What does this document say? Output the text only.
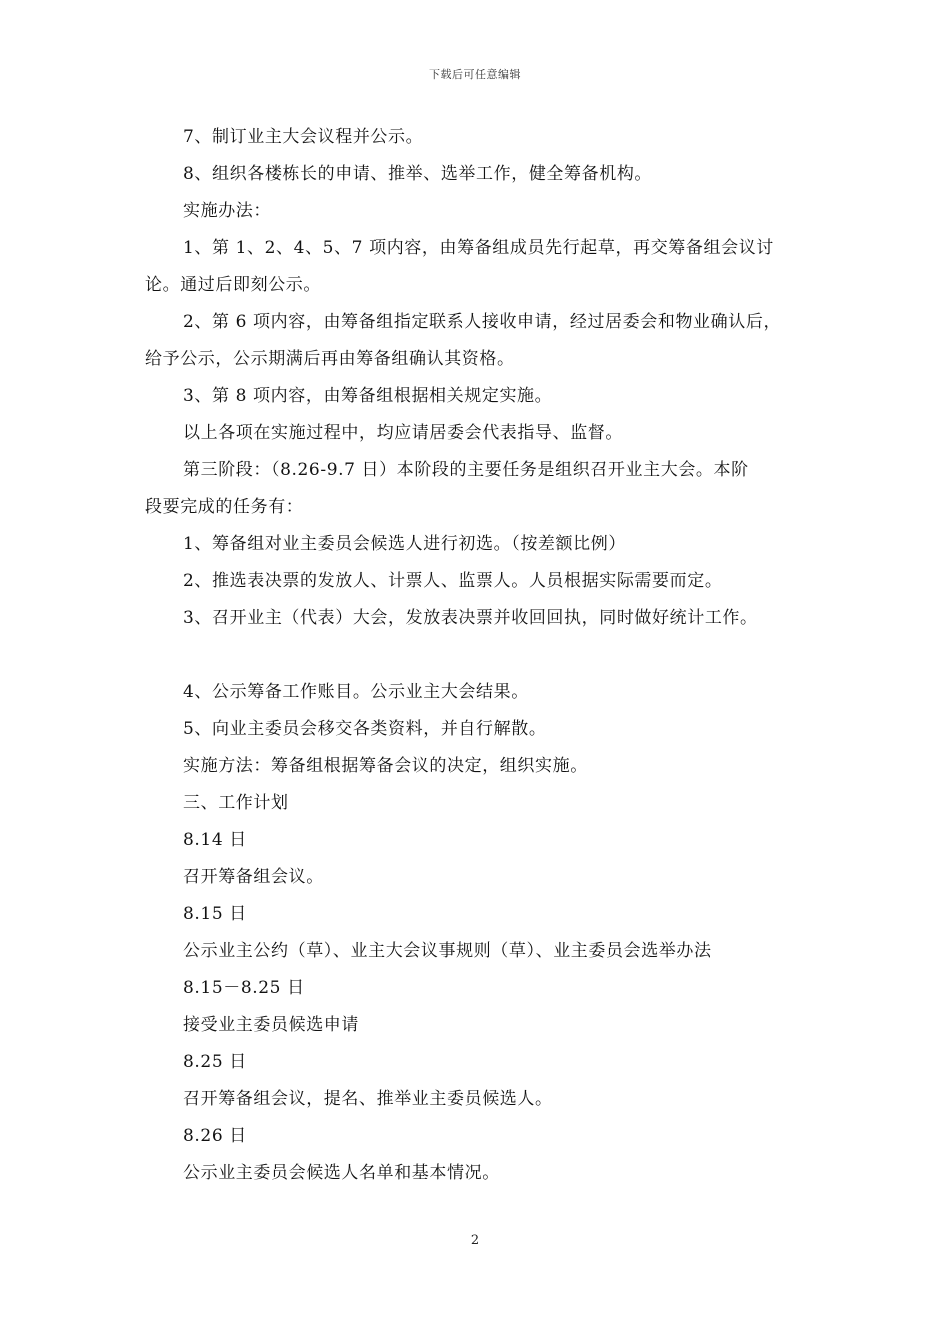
下载后可任意编辑

7、制订业主大会议程并公示。

8、组织各楼栋长的申请、推举、选举工作，健全筹备机构。

实施办法：

1、第 1、2、4、5、7 项内容，由筹备组成员先行起草，再交筹备组会议讨

论。通过后即刻公示。

2、第 6 项内容，由筹备组指定联系人接收申请，经过居委会和物业确认后，

给予公示，公示期满后再由筹备组确认其资格。

3、第 8 项内容，由筹备组根据相关规定实施。

以上各项在实施过程中，均应请居委会代表指导、监督。

第三阶段：（8.26-9.7 日）本阶段的主要任务是组织召开业主大会。本阶

段要完成的任务有：

1、筹备组对业主委员会候选人进行初选。（按差额比例）

2、推选表决票的发放人、计票人、监票人。人员根据实际需要而定。

3、召开业主（代表）大会，发放表决票并收回回执，同时做好统计工作。

4、公示筹备工作账目。公示业主大会结果。

5、向业主委员会移交各类资料，并自行解散。

实施方法：筹备组根据筹备会议的决定，组织实施。

三、工作计划

8.14 日

召开筹备组会议。

8.15 日

公示业主公约（草）、业主大会议事规则（草）、业主委员会选举办法

8.15－8.25 日

接受业主委员候选申请

8.25 日

召开筹备组会议，提名、推举业主委员候选人。

8.26 日

公示业主委员会候选人名单和基本情况。

2
